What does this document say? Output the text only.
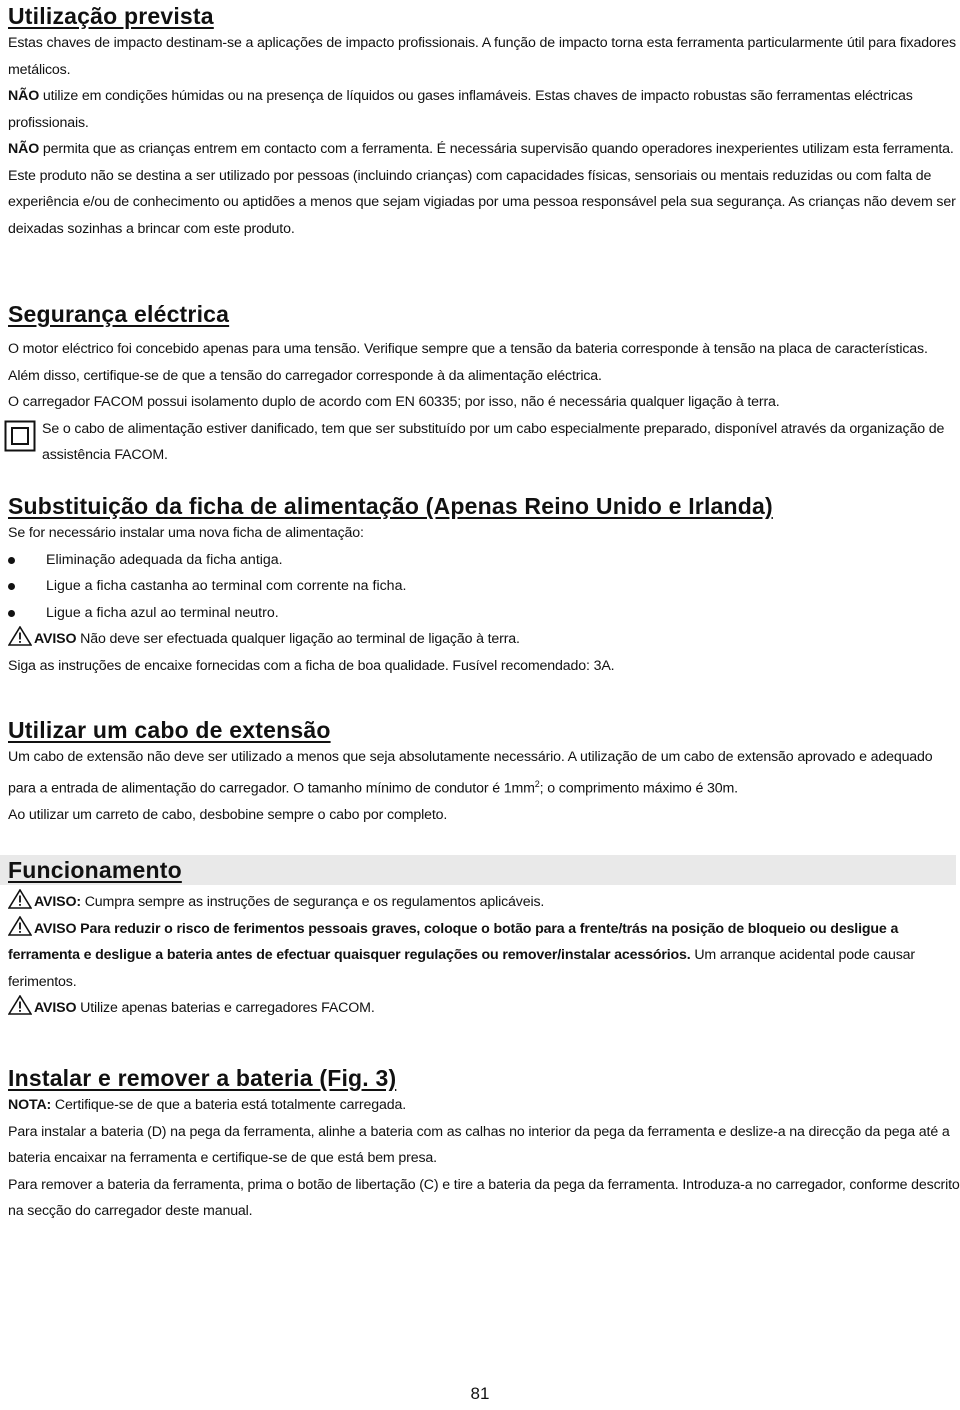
Utilização prevista

Estas chaves de impacto destinam-se a aplicações de impacto profissionais. A função de impacto torna esta ferramenta particularmente útil para fixadores metálicos.

NÃO utilize em condições húmidas ou na presença de líquidos ou gases inflamáveis. Estas chaves de impacto robustas são ferramentas eléctricas profissionais.

NÃO permita que as crianças entrem em contacto com a ferramenta. É necessária supervisão quando operadores inexperientes utilizam esta ferramenta.

Este produto não se destina a ser utilizado por pessoas (incluindo crianças) com capacidades físicas, sensoriais ou mentais reduzidas ou com falta de experiência e/ou de conhecimento ou aptidões a menos que sejam vigiadas por uma pessoa responsável pela sua segurança. As crianças não devem ser deixadas sozinhas a brincar com este produto.

Segurança eléctrica

O motor eléctrico foi concebido apenas para uma tensão. Verifique sempre que a tensão da bateria corresponde à tensão na placa de características. Além disso, certifique-se de que a tensão do carregador corresponde à da alimentação eléctrica.

O carregador FACOM possui isolamento duplo de acordo com EN 60335; por isso, não é necessária qualquer ligação à terra.

Se o cabo de alimentação estiver danificado, tem que ser substituído por um cabo especialmente preparado, disponível através da organização de assistência FACOM.

Substituição da ficha de alimentação (Apenas Reino Unido e Irlanda)

Se for necessário instalar uma nova ficha de alimentação:

Eliminação adequada da ficha antiga.
Ligue a ficha castanha ao terminal com corrente na ficha.
Ligue a ficha azul ao terminal neutro.

AVISO Não deve ser efectuada qualquer ligação ao terminal de ligação à terra.

Siga as instruções de encaixe fornecidas com a ficha de boa qualidade. Fusível recomendado: 3A.

Utilizar um cabo de extensão

Um cabo de extensão não deve ser utilizado a menos que seja absolutamente necessário. A utilização de um cabo de extensão aprovado e adequado para a entrada de alimentação do carregador. O tamanho mínimo de condutor é $1mm^2$; o comprimento máximo é 30m.

Ao utilizar um carreto de cabo, desbobine sempre o cabo por completo.

Funcionamento

AVISO: Cumpra sempre as instruções de segurança e os regulamentos aplicáveis.

AVISO Para reduzir o risco de ferimentos pessoais graves, coloque o botão para a frente/trás na posição de bloqueio ou desligue a ferramenta e desligue a bateria antes de efectuar quaisquer regulações ou remover/instalar acessórios. Um arranque acidental pode causar ferimentos.

AVISO Utilize apenas baterias e carregadores FACOM.

Instalar e remover a bateria (Fig. 3)

NOTA: Certifique-se de que a bateria está totalmente carregada.

Para instalar a bateria (D) na pega da ferramenta, alinhe a bateria com as calhas no interior da pega da ferramenta e deslize-a na direcção da pega até a bateria encaixar na ferramenta e certifique-se de que está bem presa.

Para remover a bateria da ferramenta, prima o botão de libertação (C) e tire a bateria da pega da ferramenta. Introduza-a no carregador, conforme descrito na secção do carregador deste manual.

81
